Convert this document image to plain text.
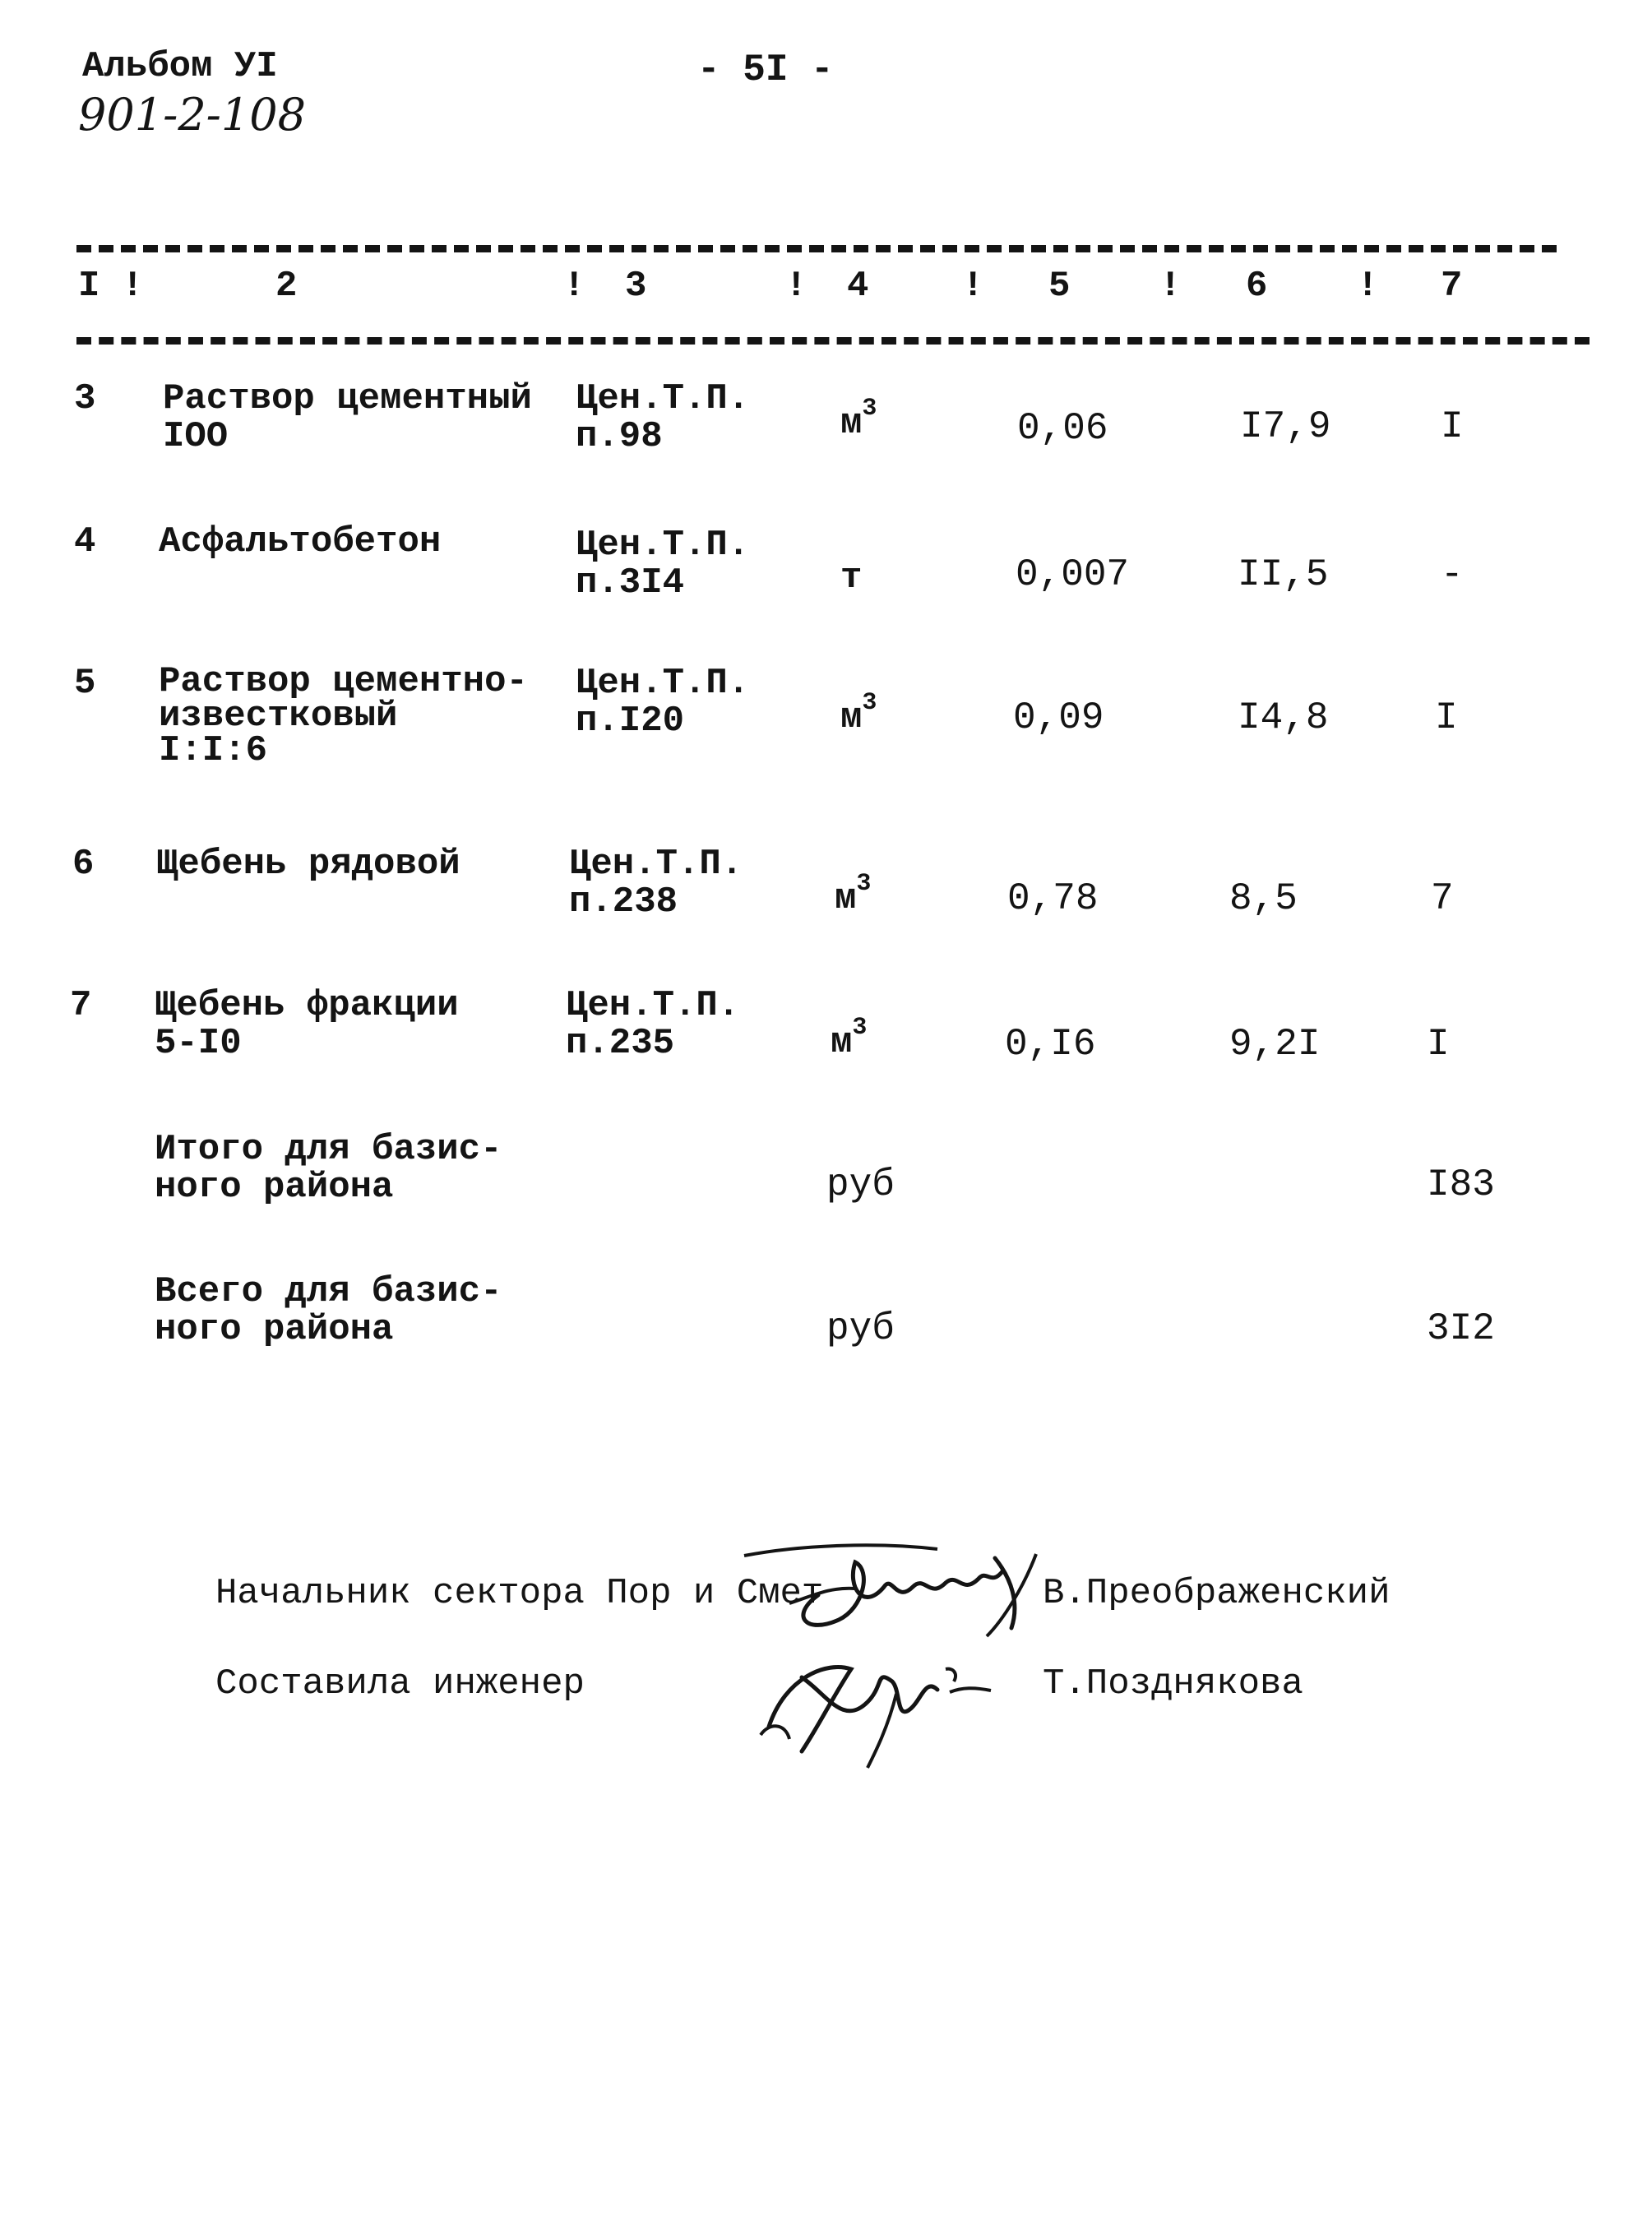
Альбом УI
901-2-108
- 5I -
I !	2	! 3	! 4	! 5 ! 6 ! 7
3 Раствор цементный
IOO
Цен.Т.П.
п.98	$м^3$	0,06	I7,9	I
4 Асфальтобетон	Цен.Т.П.
п.3I4	т	0,007	II,5	-
5 Раствор цементно-
известковый
I:I:6
Цен.Т.П.
п.I20	$м^3$	0,09	I4,8	I
6 Щебень рядовой	Цен.Т.П.
п.238	$м^3$	0,78	8,5	7
7 Щебень фракции
5-I0
Цен.Т.П.
п.235	$м^3$	0,I6	9,2I	I
Итого для базис-
ного района	руб	I83
Всего для базис-
ного района	руб	3I2
Начальник сектора Пор и Смет	В.Преображенский
Составила инженер	Т.Позднякова
